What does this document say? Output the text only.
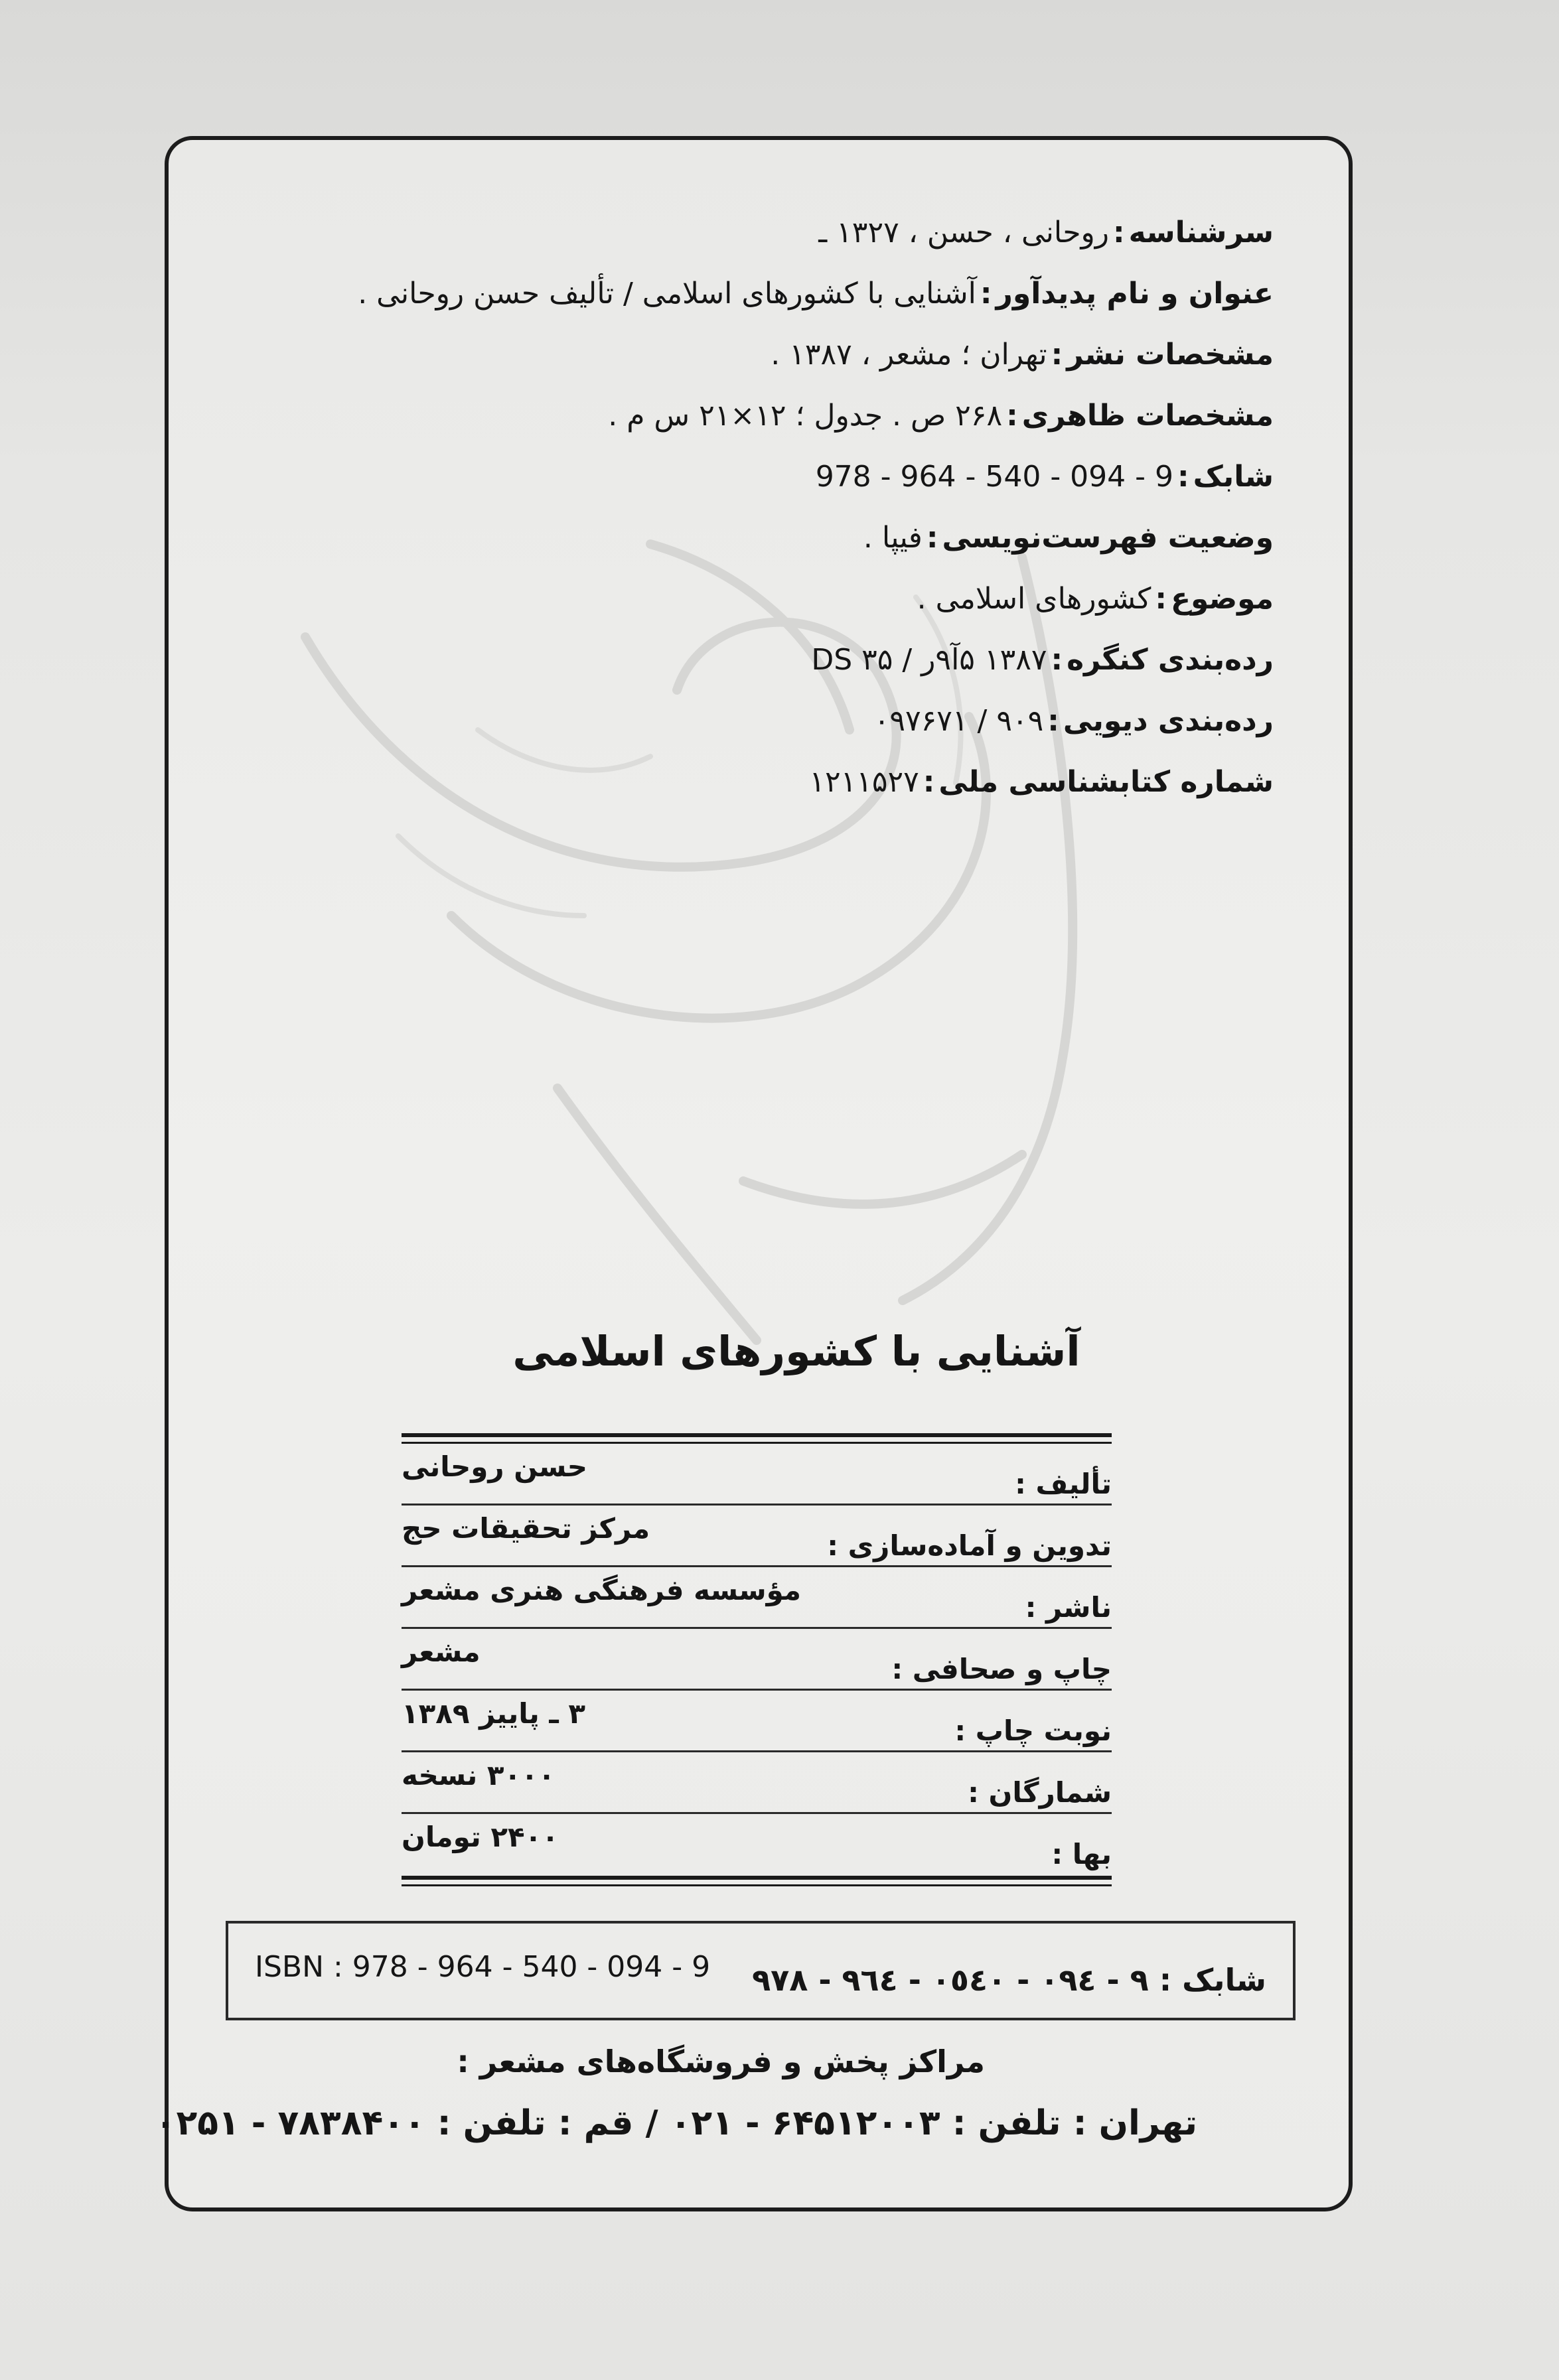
سرشناسه:روحانی ، حسن ، ۱۳۲۷ ـ
عنوان و نام پدیدآور:آشنایی با کشورهای اسلامی / تألیف حسن روحانی .
مشخصات نشر:تهران ؛ مشعر ، ۱۳۸۷ .
مشخصات ظاهری:۲۶۸ ص . جدول ؛ ۱۲×۲۱ س م .
شابک:978 - 964 - 540 - 094 - 9
وضعیت فهرست‌نویسی:فیپا .
موضوع:کشورهای اسلامی .
رده‌بندی کنگره:۱۳۸۷ ۵آ۹ر / DS ۳۵
رده‌بندی دیویی:۹۰۹ / ۰۹۷۶۷۱
شماره کتابشناسی ملی:۱۲۱۱۵۲۷
آشنایی با کشورهای اسلامی
تألیف :
حسن روحانی
تدوین و آماده‌سازی :
مرکز تحقیقات حج
ناشر :
مؤسسه فرهنگی هنری مشعر
چاپ و صحافی :
مشعر
نوبت چاپ :
۳ ـ پاییز ۱۳۸۹
شمارگان :
۳۰۰۰ نسخه
بها :
۲۴۰۰ تومان
ISBN : 978 - 964 - 540 - 094 - 9 شابک : ۹ - ۰۹٤ - ۰٥٤۰ - ۹٦٤ - ۹۷۸
مراکز پخش و فروشگاه‌های مشعر :
تهران : تلفن : ۶۴۵۱۲۰۰۳ - ۰۲۱ / قم : تلفن : ۷۸۳۸۴۰۰ - ۰۲۵۱
